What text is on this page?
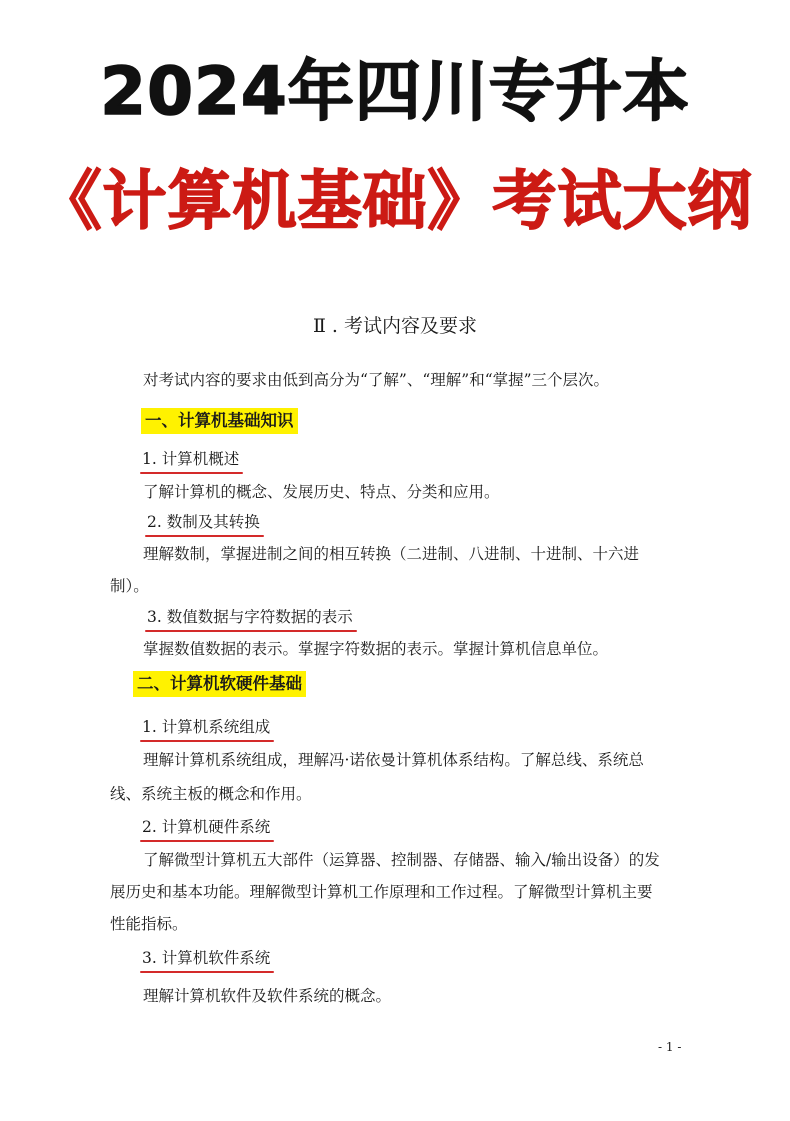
2024年四川专升本
《计算机基础》考试大纲
Ⅱ . 考试内容及要求
对考试内容的要求由低到高分为“了解”、“理解”和“掌握”三个层次。
一、计算机基础知识
1. 计算机概述
了解计算机的概念、发展历史、特点、分类和应用。
2. 数制及其转换
理解数制，掌握进制之间的相互转换（二进制、八进制、十进制、十六进
制）。
3. 数值数据与字符数据的表示
掌握数值数据的表示。掌握字符数据的表示。掌握计算机信息单位。
二、计算机软硬件基础
1. 计算机系统组成
理解计算机系统组成，理解冯·诺依曼计算机体系结构。了解总线、系统总
线、系统主板的概念和作用。
2. 计算机硬件系统
了解微型计算机五大部件（运算器、控制器、存储器、输入/输出设备）的发
展历史和基本功能。理解微型计算机工作原理和工作过程。了解微型计算机主要
性能指标。
3. 计算机软件系统
理解计算机软件及软件系统的概念。
- 1 -
